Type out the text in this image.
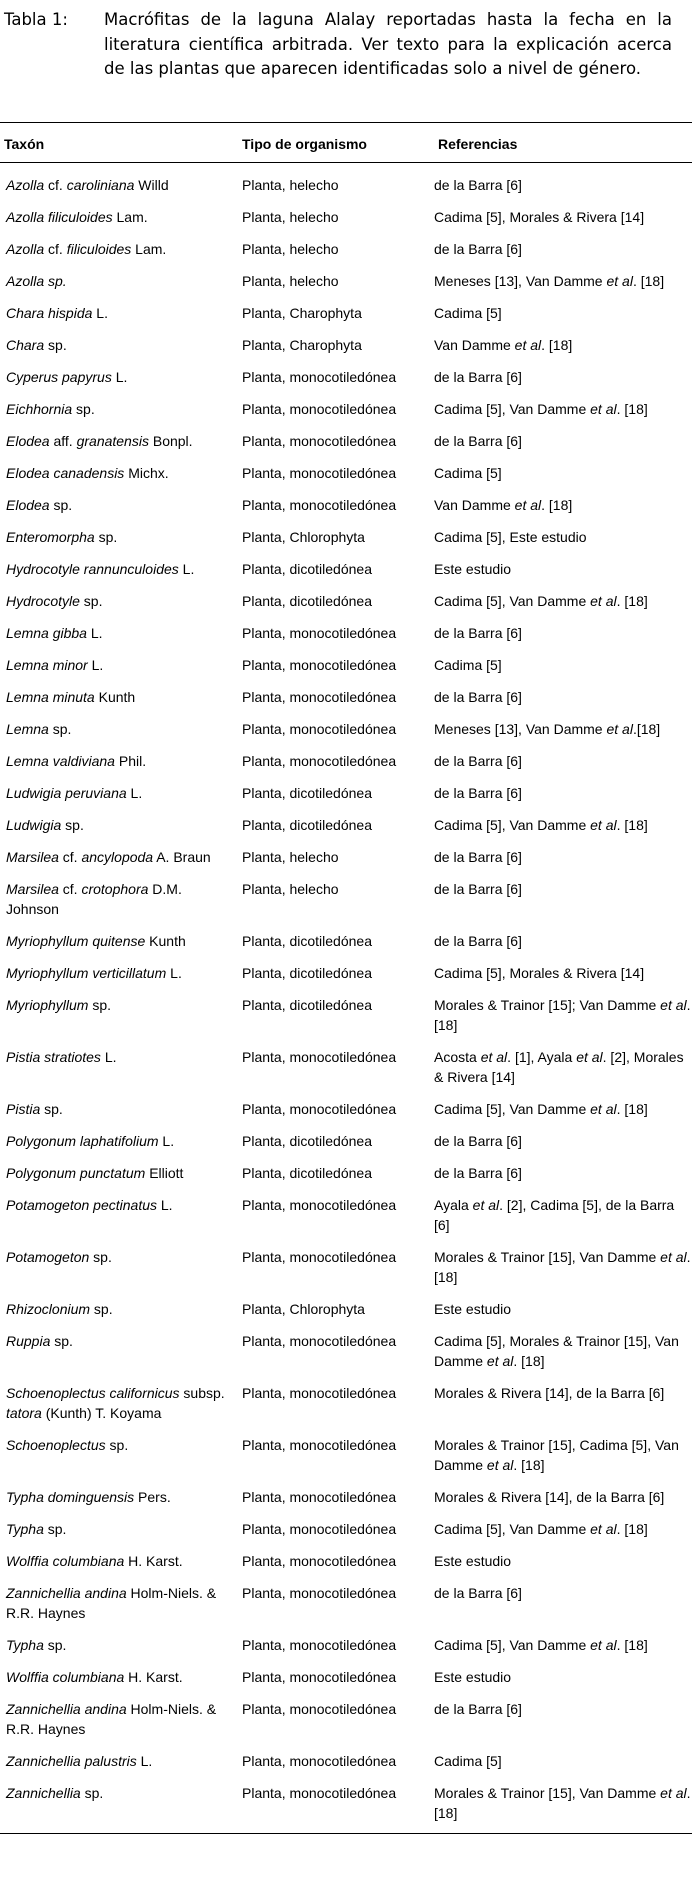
Tabla 1: Macrófitas de la laguna Alalay reportadas hasta la fecha en la literatura científica arbitrada. Ver texto para la explicación acerca de las plantas que aparecen identificadas solo a nivel de género.
Taxón	Tipo de organismo	Referencias
Azolla cf. caroliniana Willd	Planta, helecho	de la Barra [6]
Azolla filiculoides Lam.	Planta, helecho	Cadima [5], Morales & Rivera [14]
Azolla cf. filiculoides Lam.	Planta, helecho	de la Barra [6]
Azolla sp.	Planta, helecho	Meneses [13], Van Damme et al. [18]
Chara hispida L.	Planta, Charophyta	Cadima [5]
Chara sp.	Planta, Charophyta	Van Damme et al. [18]
Cyperus papyrus L.	Planta, monocotiledónea	de la Barra [6]
Eichhornia sp.	Planta, monocotiledónea	Cadima [5], Van Damme et al. [18]
Elodea aff. granatensis Bonpl.	Planta, monocotiledónea	de la Barra [6]
Elodea canadensis Michx.	Planta, monocotiledónea	Cadima [5]
Elodea sp.	Planta, monocotiledónea	Van Damme et al. [18]
Enteromorpha sp.	Planta, Chlorophyta	Cadima [5], Este estudio
Hydrocotyle rannunculoides L.	Planta, dicotiledónea	Este estudio
Hydrocotyle sp.	Planta, dicotiledónea	Cadima [5], Van Damme et al. [18]
Lemna gibba L.	Planta, monocotiledónea	de la Barra [6]
Lemna minor L.	Planta, monocotiledónea	Cadima [5]
Lemna minuta Kunth	Planta, monocotiledónea	de la Barra [6]
Lemna sp.	Planta, monocotiledónea	Meneses [13], Van Damme et al.[18]
Lemna valdiviana Phil.	Planta, monocotiledónea	de la Barra [6]
Ludwigia peruviana L.	Planta, dicotiledónea	de la Barra [6]
Ludwigia sp.	Planta, dicotiledónea	Cadima [5], Van Damme et al. [18]
Marsilea cf. ancylopoda A. Braun	Planta, helecho	de la Barra [6]
Marsilea cf. crotophora D.M. Johnson	Planta, helecho	de la Barra [6]
Myriophyllum quitense Kunth	Planta, dicotiledónea	de la Barra [6]
Myriophyllum verticillatum L.	Planta, dicotiledónea	Cadima [5], Morales & Rivera [14]
Myriophyllum sp.	Planta, dicotiledónea	Morales & Trainor [15]; Van Damme et al. [18]
Pistia stratiotes L.	Planta, monocotiledónea	Acosta et al. [1], Ayala et al. [2], Morales & Rivera [14]
Pistia sp.	Planta, monocotiledónea	Cadima [5], Van Damme et al. [18]
Polygonum laphatifolium L.	Planta, dicotiledónea	de la Barra [6]
Polygonum punctatum Elliott	Planta, dicotiledónea	de la Barra [6]
Potamogeton pectinatus L.	Planta, monocotiledónea	Ayala et al. [2], Cadima [5], de la Barra [6]
Potamogeton sp.	Planta, monocotiledónea	Morales & Trainor [15], Van Damme et al. [18]
Rhizoclonium sp.	Planta, Chlorophyta	Este estudio
Ruppia sp.	Planta, monocotiledónea	Cadima [5], Morales & Trainor [15], Van Damme et al. [18]
Schoenoplectus californicus subsp. tatora (Kunth) T. Koyama	Planta, monocotiledónea	Morales & Rivera [14], de la Barra [6]
Schoenoplectus sp.	Planta, monocotiledónea	Morales & Trainor [15], Cadima [5], Van Damme et al. [18]
Typha dominguensis Pers.	Planta, monocotiledónea	Morales & Rivera [14], de la Barra [6]
Typha sp.	Planta, monocotiledónea	Cadima [5], Van Damme et al. [18]
Wolffia columbiana H. Karst.	Planta, monocotiledónea	Este estudio
Zannichellia andina Holm-Niels. & R.R. Haynes	Planta, monocotiledónea	de la Barra [6]
Typha sp.	Planta, monocotiledónea	Cadima [5], Van Damme et al. [18]
Wolffia columbiana H. Karst.	Planta, monocotiledónea	Este estudio
Zannichellia andina Holm-Niels. & R.R. Haynes	Planta, monocotiledónea	de la Barra [6]
Zannichellia palustris L.	Planta, monocotiledónea	Cadima [5]
Zannichellia sp.	Planta, monocotiledónea	Morales & Trainor [15], Van Damme et al. [18]
